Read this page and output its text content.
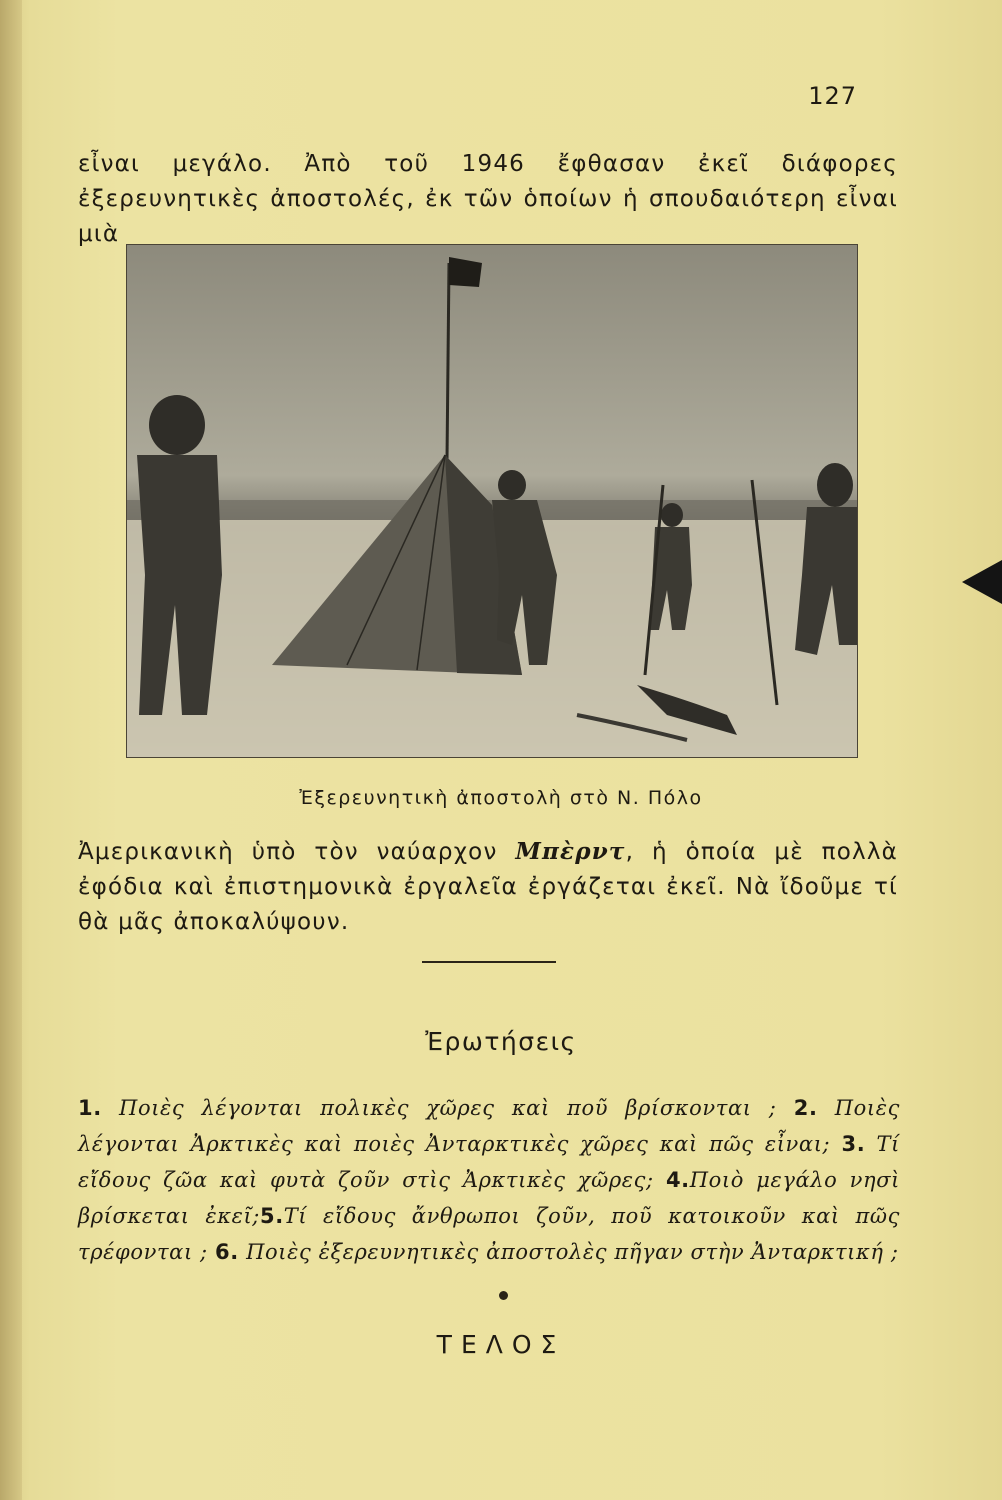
127
εἶναι μεγάλο. Ἀπὸ τοῦ 1946 ἔφθασαν ἐκεῖ διάφορες ἐξερευνητικὲς ἀποστολές, ἐκ τῶν ὁποίων ἡ σπουδαιότερη εἶναι μιὰ
Ἐξερευνητικὴ ἀποστολὴ στὸ Ν. Πόλο
Ἀμερικανικὴ ὑπὸ τὸν ναύαρχον Μπὲρντ, ἡ ὁποία μὲ πολλὰ ἐφόδια καὶ ἐπιστημονικὰ ἐργαλεῖα ἐργάζεται ἐκεῖ. Νὰ ἴδοῦμε τί θὰ μᾶς ἀποκαλύψουν.
Ἐρωτήσεις
1. Ποιὲς λέγονται πολικὲς χῶρες καὶ ποῦ βρίσκονται ; 2. Ποιὲς λέγονται Ἀρκτικὲς καὶ ποιὲς Ἀνταρκτικὲς χῶρες καὶ πῶς εἶναι; 3. Τί εἴδους ζῶα καὶ φυτὰ ζοῦν στὶς Ἀρκτικὲς χῶρες; 4.Ποιὸ μεγάλο νησὶ βρίσκεται ἐκεῖ;5.Τί εἴδους ἄνθρωποι ζοῦν, ποῦ κατοικοῦν καὶ πῶς τρέφονται ; 6. Ποιὲς ἐξερευνητικὲς ἀποστολὲς πῆγαν στὴν Ἀνταρκτική ;
ΤΕΛΟΣ
